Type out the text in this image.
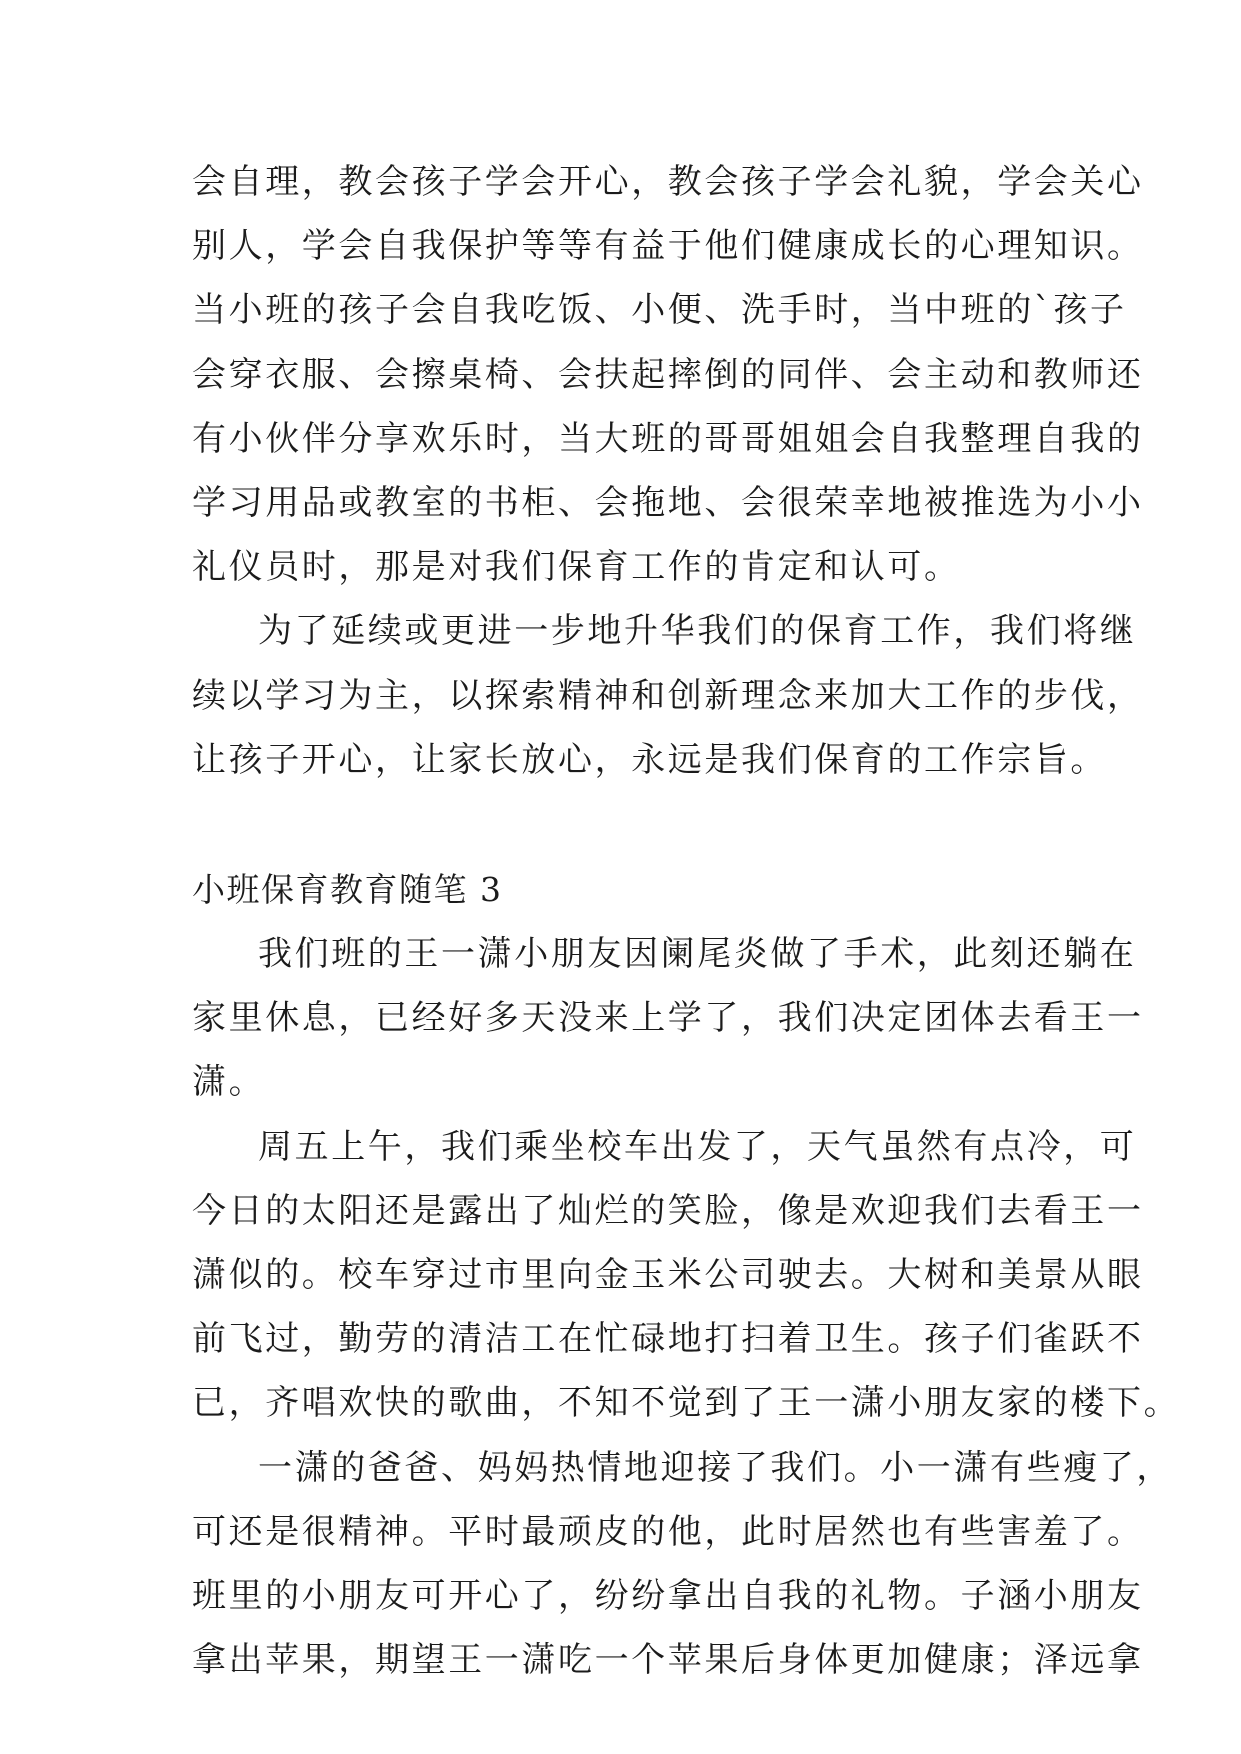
会自理，教会孩子学会开心，教会孩子学会礼貌，学会关心
别人，学会自我保护等等有益于他们健康成长的心理知识。
当小班的孩子会自我吃饭、小便、洗手时，当中班的`孩子
会穿衣服、会擦桌椅、会扶起摔倒的同伴、会主动和教师还
有小伙伴分享欢乐时，当大班的哥哥姐姐会自我整理自我的
学习用品或教室的书柜、会拖地、会很荣幸地被推选为小小
礼仪员时，那是对我们保育工作的肯定和认可。
为了延续或更进一步地升华我们的保育工作，我们将继
续以学习为主，以探索精神和创新理念来加大工作的步伐，
让孩子开心，让家长放心，永远是我们保育的工作宗旨。
小班保育教育随笔 3
我们班的王一潇小朋友因阑尾炎做了手术，此刻还躺在
家里休息，已经好多天没来上学了，我们决定团体去看王一
潇。
周五上午，我们乘坐校车出发了，天气虽然有点冷，可
今日的太阳还是露出了灿烂的笑脸，像是欢迎我们去看王一
潇似的。校车穿过市里向金玉米公司驶去。大树和美景从眼
前飞过，勤劳的清洁工在忙碌地打扫着卫生。孩子们雀跃不
已，齐唱欢快的歌曲，不知不觉到了王一潇小朋友家的楼下。
一潇的爸爸、妈妈热情地迎接了我们。小一潇有些瘦了，
可还是很精神。平时最顽皮的他，此时居然也有些害羞了。
班里的小朋友可开心了，纷纷拿出自我的礼物。子涵小朋友
拿出苹果，期望王一潇吃一个苹果后身体更加健康；泽远拿
